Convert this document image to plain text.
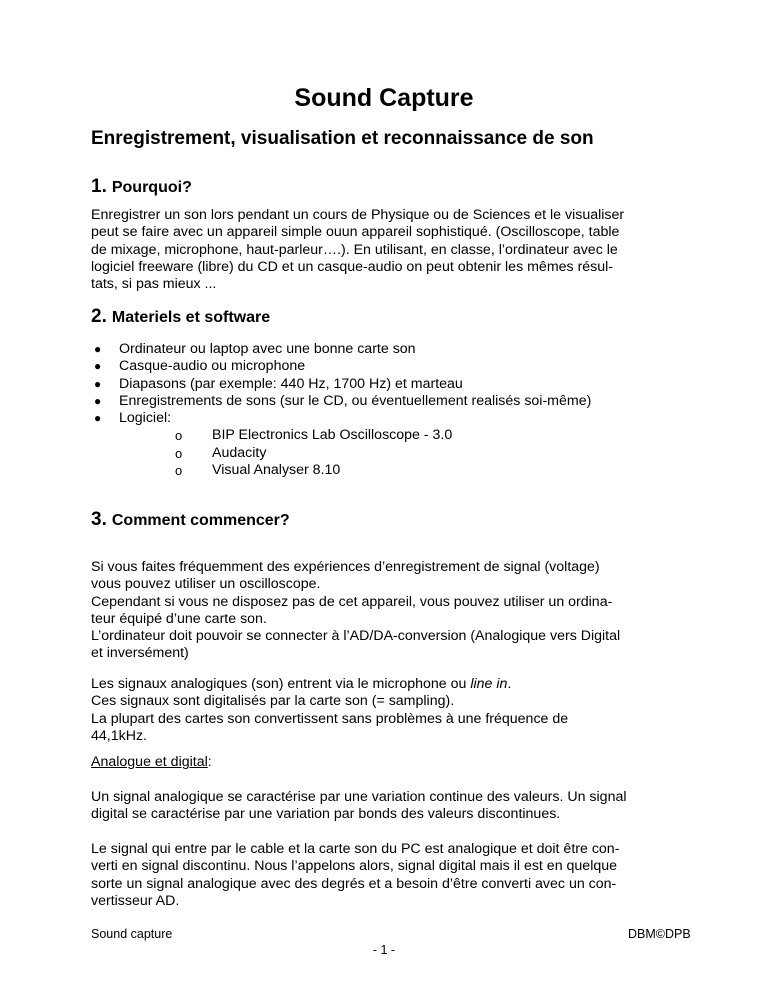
Sound Capture
Enregistrement, visualisation et reconnaissance de son
1. Pourquoi?
Enregistrer un son lors pendant un cours de Physique ou de Sciences et le visualiser
peut se faire avec un appareil simple ouun appareil sophistiqué. (Oscilloscope, table
de mixage, microphone, haut-parleur….). En utilisant, en classe, l’ordinateur avec le
logiciel freeware (libre) du CD et un casque-audio on peut obtenir les mêmes résul-
tats, si pas mieux ...
2. Materiels et software
● Ordinateur ou laptop avec une bonne carte son
● Casque-audio ou microphone
● Diapasons (par exemple: 440 Hz, 1700 Hz) et marteau
● Enregistrements de sons (sur le CD, ou éventuellement realisés soi-même)
● Logiciel:
o BIP Electronics Lab Oscilloscope - 3.0
o Audacity
o Visual Analyser 8.10
3. Comment commencer?
Si vous faites fréquemment des expériences d’enregistrement de signal (voltage)
vous pouvez utiliser un oscilloscope.
Cependant si vous ne disposez pas de cet appareil, vous pouvez utiliser un ordina-
teur équipé d’une carte son.
L’ordinateur doit pouvoir se connecter à l’AD/DA-conversion (Analogique vers Digital
et inversément)
Les signaux analogiques (son) entrent via le microphone ou line in.
Ces signaux sont digitalisés par la carte son (= sampling).
La plupart des cartes son convertissent sans problèmes à une fréquence de
44,1kHz.
Analogue et digital:
Un signal analogique se caractérise par une variation continue des valeurs. Un signal
digital se caractérise par une variation par bonds des valeurs discontinues.
Le signal qui entre par le cable et la carte son du PC est analogique et doit être con-
verti en signal discontinu. Nous l’appelons alors, signal digital mais il est en quelque
sorte un signal analogique avec des degrés et a besoin d’être converti avec un con-
vertisseur AD.
Sound capture	DBM©DPB
- 1 -
